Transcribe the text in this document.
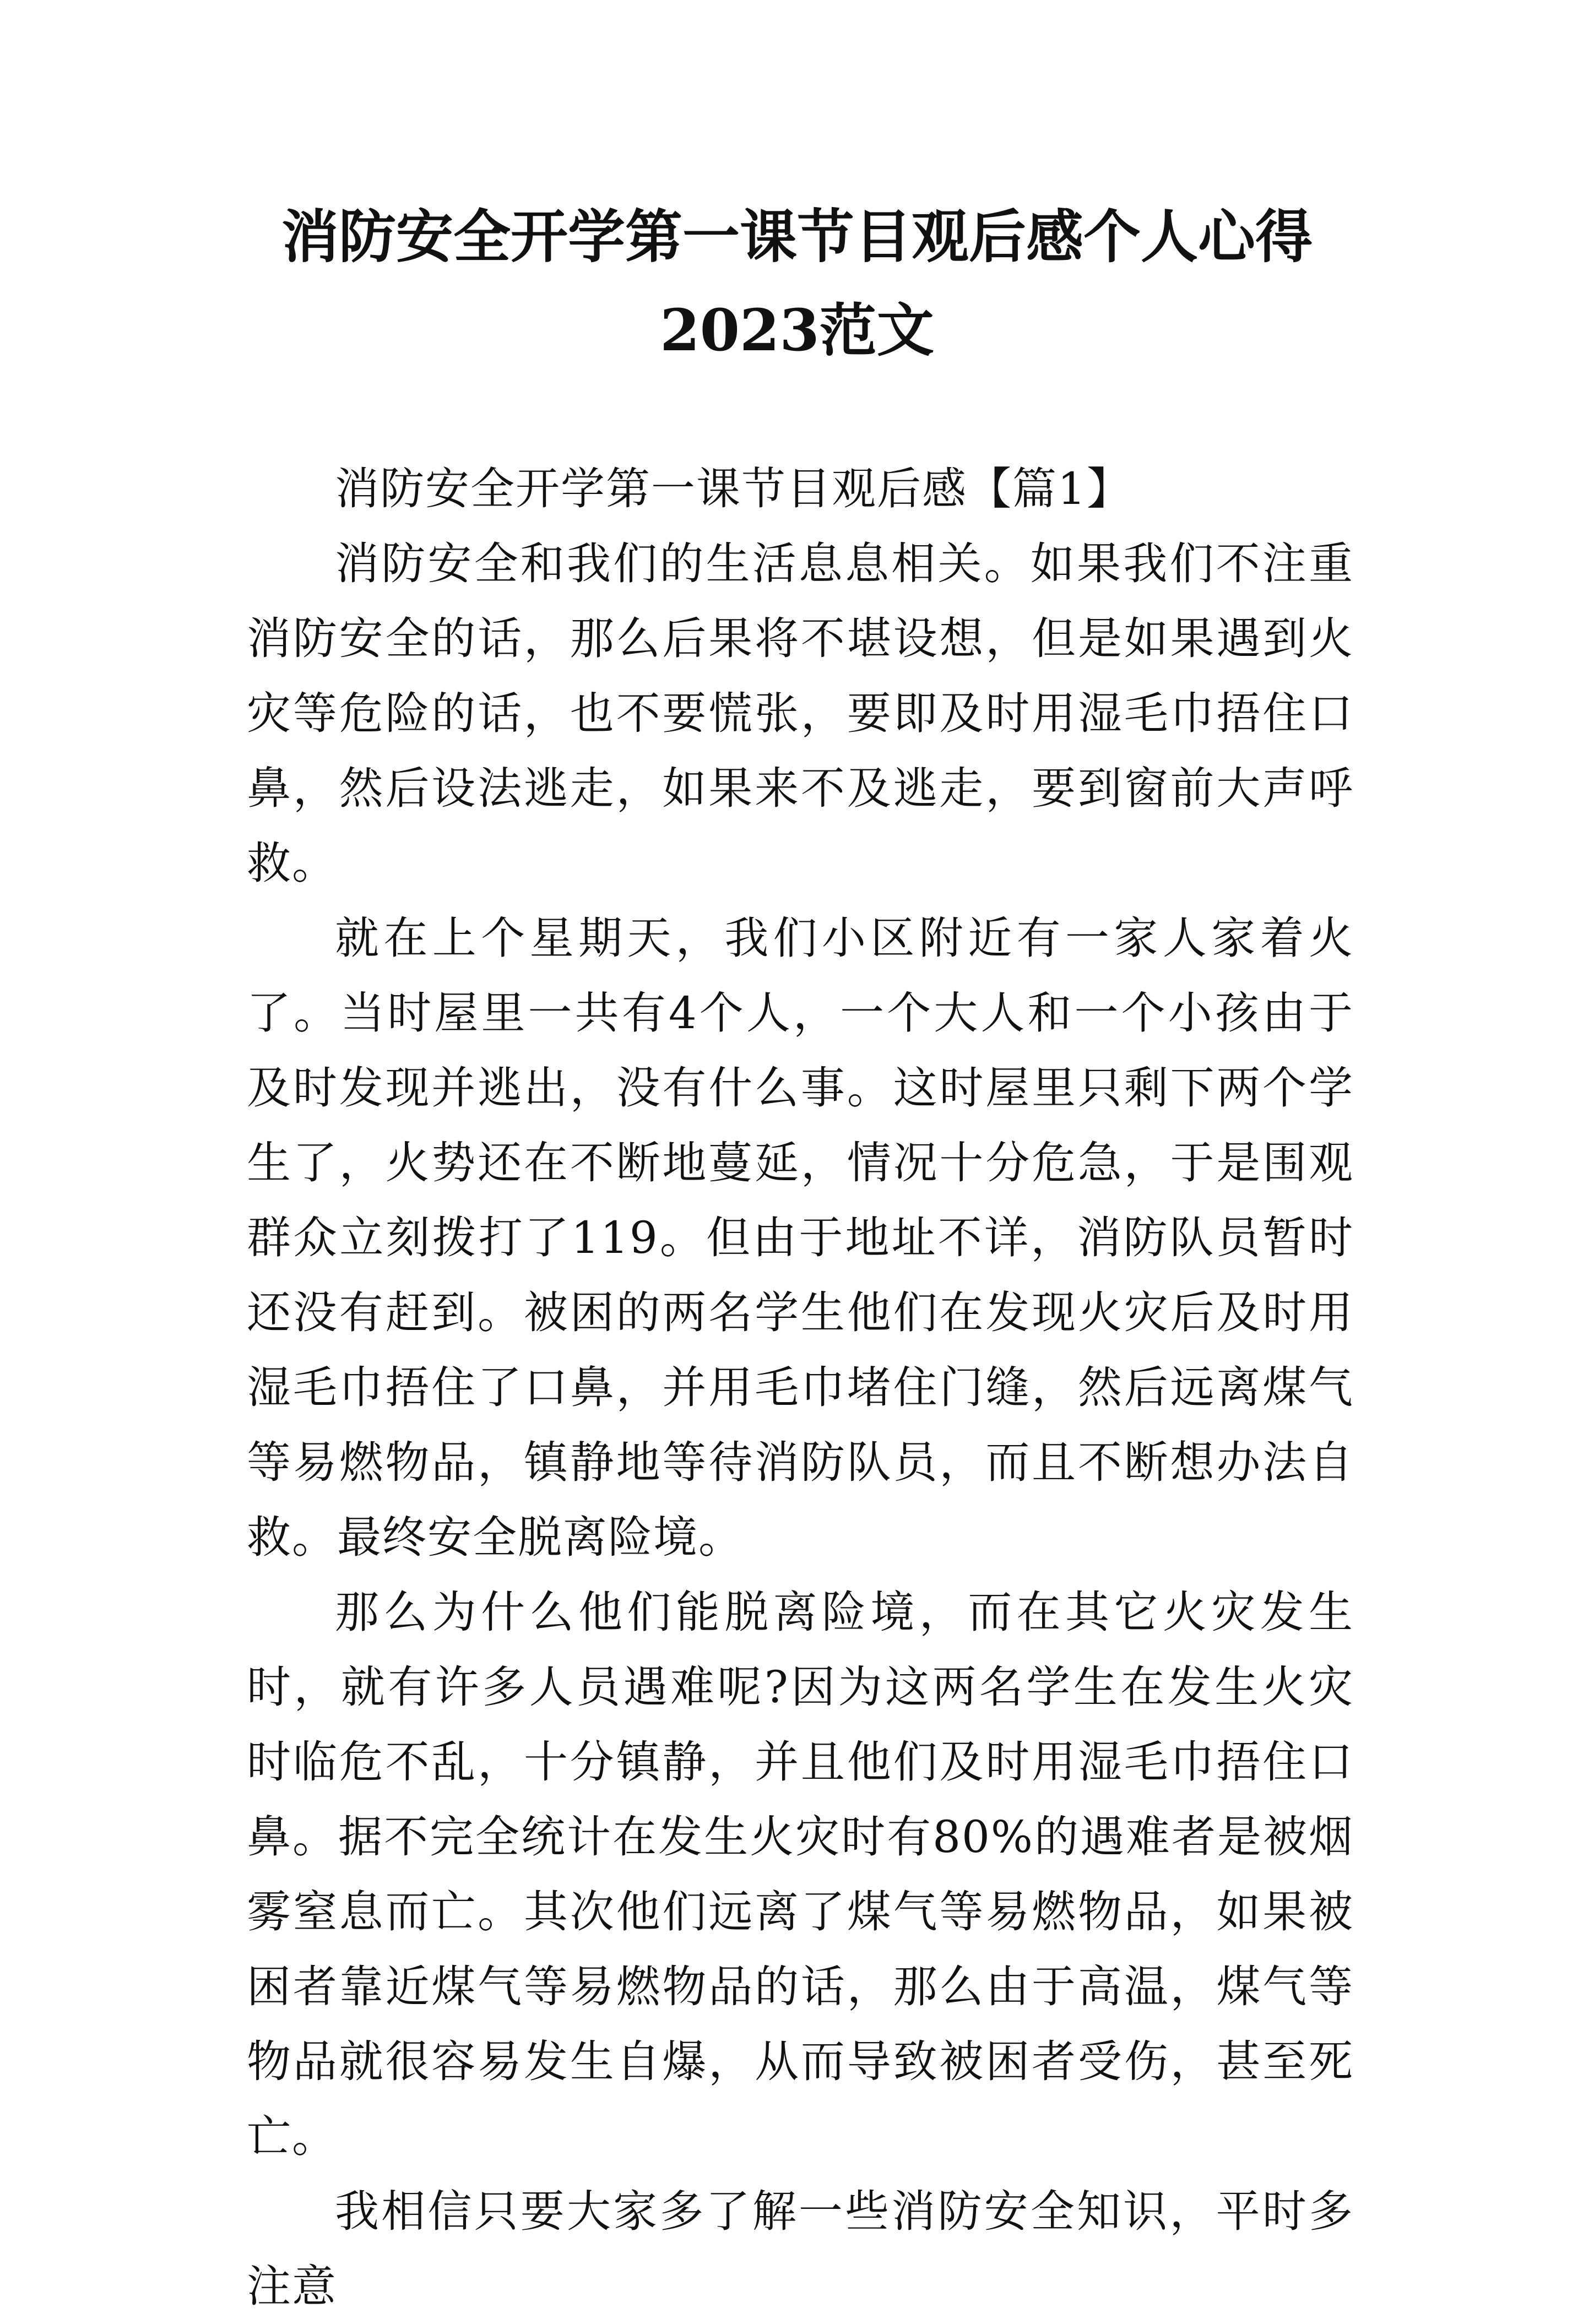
消防安全开学第一课节目观后感个人心得
2023范文

消防安全开学第一课节目观后感【篇1】

消防安全和我们的生活息息相关。如果我们不注重消防安全的话，那么后果将不堪设想，但是如果遇到火灾等危险的话，也不要慌张，要即及时用湿毛巾捂住口鼻，然后设法逃走，如果来不及逃走，要到窗前大声呼救。

就在上个星期天，我们小区附近有一家人家着火了。当时屋里一共有4个人，一个大人和一个小孩由于及时发现并逃出，没有什么事。这时屋里只剩下两个学生了，火势还在不断地蔓延，情况十分危急，于是围观群众立刻拨打了119。但由于地址不详，消防队员暂时还没有赶到。被困的两名学生他们在发现火灾后及时用湿毛巾捂住了口鼻，并用毛巾堵住门缝，然后远离煤气等易燃物品，镇静地等待消防队员，而且不断想办法自救。最终安全脱离险境。

那么为什么他们能脱离险境，而在其它火灾发生时，就有许多人员遇难呢?因为这两名学生在发生火灾时临危不乱，十分镇静，并且他们及时用湿毛巾捂住口鼻。据不完全统计在发生火灾时有80%的遇难者是被烟雾窒息而亡。其次他们远离了煤气等易燃物品，如果被困者靠近煤气等易燃物品的话，那么由于高温，煤气等物品就很容易发生自爆，从而导致被困者受伤，甚至死亡。

我相信只要大家多了解一些消防安全知识，平时多注意
